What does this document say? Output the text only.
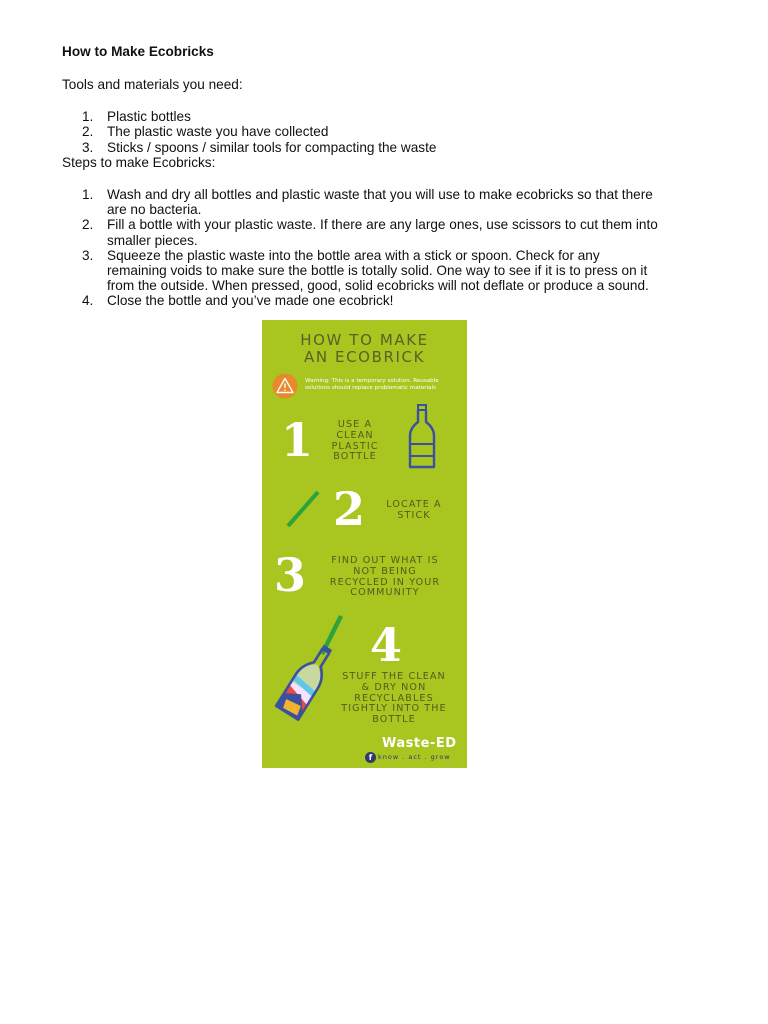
How to Make Ecobricks

Tools and materials you need:

1. Plastic bottles
2. The plastic waste you have collected
3. Sticks / spoons / similar tools for compacting the waste

Steps to make Ecobricks:

1. Wash and dry all bottles and plastic waste that you will use to make ecobricks so that there
are no bacteria.
2. Fill a bottle with your plastic waste. If there are any large ones, use scissors to cut them into
smaller pieces.
3. Squeeze the plastic waste into the bottle area with a stick or spoon. Check for any
remaining voids to make sure the bottle is totally solid. One way to see if it is to press on it
from the outside. When pressed, good, solid ecobricks will not deflate or produce a sound.
4. Close the bottle and you’ve made one ecobrick!
HOW TO MAKE
AN ECOBRICK
Warning: This is a temporary solution. Reusable
solutions should replace problematic materials
1	USE A
CLEAN
PLASTIC
BOTTLE
2	LOCATE A
STICK
3	FIND OUT WHAT IS
NOT BEING
RECYCLED IN YOUR
COMMUNITY
4
STUFF THE CLEAN
& DRY NON
RECYCLABLES
TIGHTLY INTO THE
BOTTLE
Waste-ED
f know . act . grow
